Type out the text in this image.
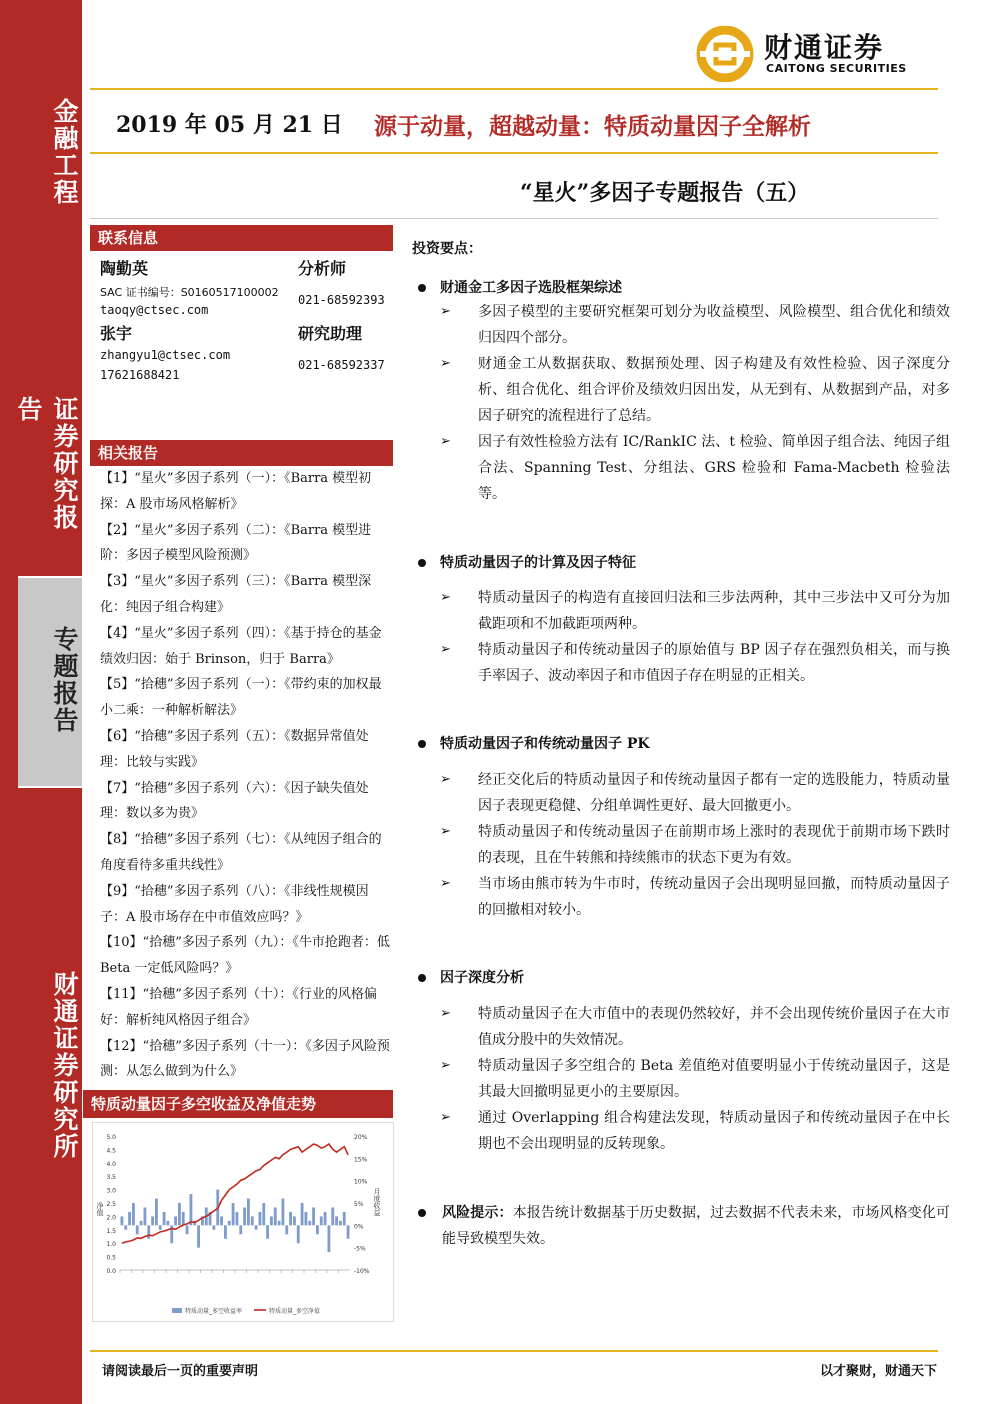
金融工程
证券研究报告
专题报告
财通证券研究所
财通证券
CAITONG SECURITIES
2019 年 05 月 21 日 源于动量，超越动量：特质动量因子全解析
“星火”多因子专题报告（五）
联系信息
陶勤英	分析师
SAC 证书编号：S0160517100002
021-68592393
taoqy@ctsec.com
张宇	研究助理
zhangyu1@ctsec.com
021-68592337
17621688421
相关报告
【1】“星火”多因子系列（一）：《Barra 模型初探：A 股市场风格解析》
【2】“星火”多因子系列（二）：《Barra 模型进阶：多因子模型风险预测》
【3】“星火”多因子系列（三）：《Barra 模型深化：纯因子组合构建》
【4】“星火”多因子系列（四）：《基于持仓的基金绩效归因：始于 Brinson，归于 Barra》
【5】“拾穗”多因子系列（一）：《带约束的加权最小二乘：一种解析解法》
【6】“拾穗”多因子系列（五）：《数据异常值处理：比较与实践》
【7】“拾穗”多因子系列（六）：《因子缺失值处理：数以多为贵》
【8】“拾穗”多因子系列（七）：《从纯因子组合的角度看待多重共线性》
【9】“拾穗”多因子系列（八）：《非线性规模因子：A 股市场存在中市值效应吗？》
【10】“拾穗”多因子系列（九）：《牛市抢跑者：低 Beta 一定低风险吗？》
【11】“拾穗”多因子系列（十）：《行业的风格偏好：解析纯风格因子组合》
【12】“拾穗”多因子系列（十一）：《多因子风险预测：从怎么做到为什么》
特质动量因子多空收益及净值走势
5.0
4.5
4.0
3.5
3.0
2.5
2.0
1.5
1.0
0.5
0.0
20%
15%
10%
5%
0%
-5%
-10%
净值	月度收益
特质动量_多空收益率	特质动量_多空净值
投资要点：
财通金工多因子选股框架综述
➢ 多因子模型的主要研究框架可划分为收益模型、风险模型、组合优化和绩效归因四个部分。
➢ 财通金工从数据获取、数据预处理、因子构建及有效性检验、因子深度分析、组合优化、组合评价及绩效归因出发，从无到有、从数据到产品，对多因子研究的流程进行了总结。
➢ 因子有效性检验方法有 IC/RankIC 法、t 检验、简单因子组合法、纯因子组合法、Spanning Test、分组法、GRS 检验和 Fama-Macbeth 检验法等。
特质动量因子的计算及因子特征
➢ 特质动量因子的构造有直接回归法和三步法两种，其中三步法中又可分为加截距项和不加截距项两种。
➢ 特质动量因子和传统动量因子的原始值与 BP 因子存在强烈负相关，而与换手率因子、波动率因子和市值因子存在明显的正相关。
特质动量因子和传统动量因子 PK
➢ 经正交化后的特质动量因子和传统动量因子都有一定的选股能力，特质动量因子表现更稳健、分组单调性更好、最大回撤更小。
➢ 特质动量因子和传统动量因子在前期市场上涨时的表现优于前期市场下跌时的表现，且在牛转熊和持续熊市的状态下更为有效。
➢ 当市场由熊市转为牛市时，传统动量因子会出现明显回撤，而特质动量因子的回撤相对较小。
因子深度分析
➢ 特质动量因子在大市值中的表现仍然较好，并不会出现传统价量因子在大市值成分股中的失效情况。
➢ 特质动量因子多空组合的 Beta 差值绝对值要明显小于传统动量因子，这是其最大回撤明显更小的主要原因。
➢ 通过 Overlapping 组合构建法发现，特质动量因子和传统动量因子在中长期也不会出现明显的反转现象。
风险提示：本报告统计数据基于历史数据，过去数据不代表未来，市场风格变化可能导致模型失效。
请阅读最后一页的重要声明	以才聚财，财通天下
